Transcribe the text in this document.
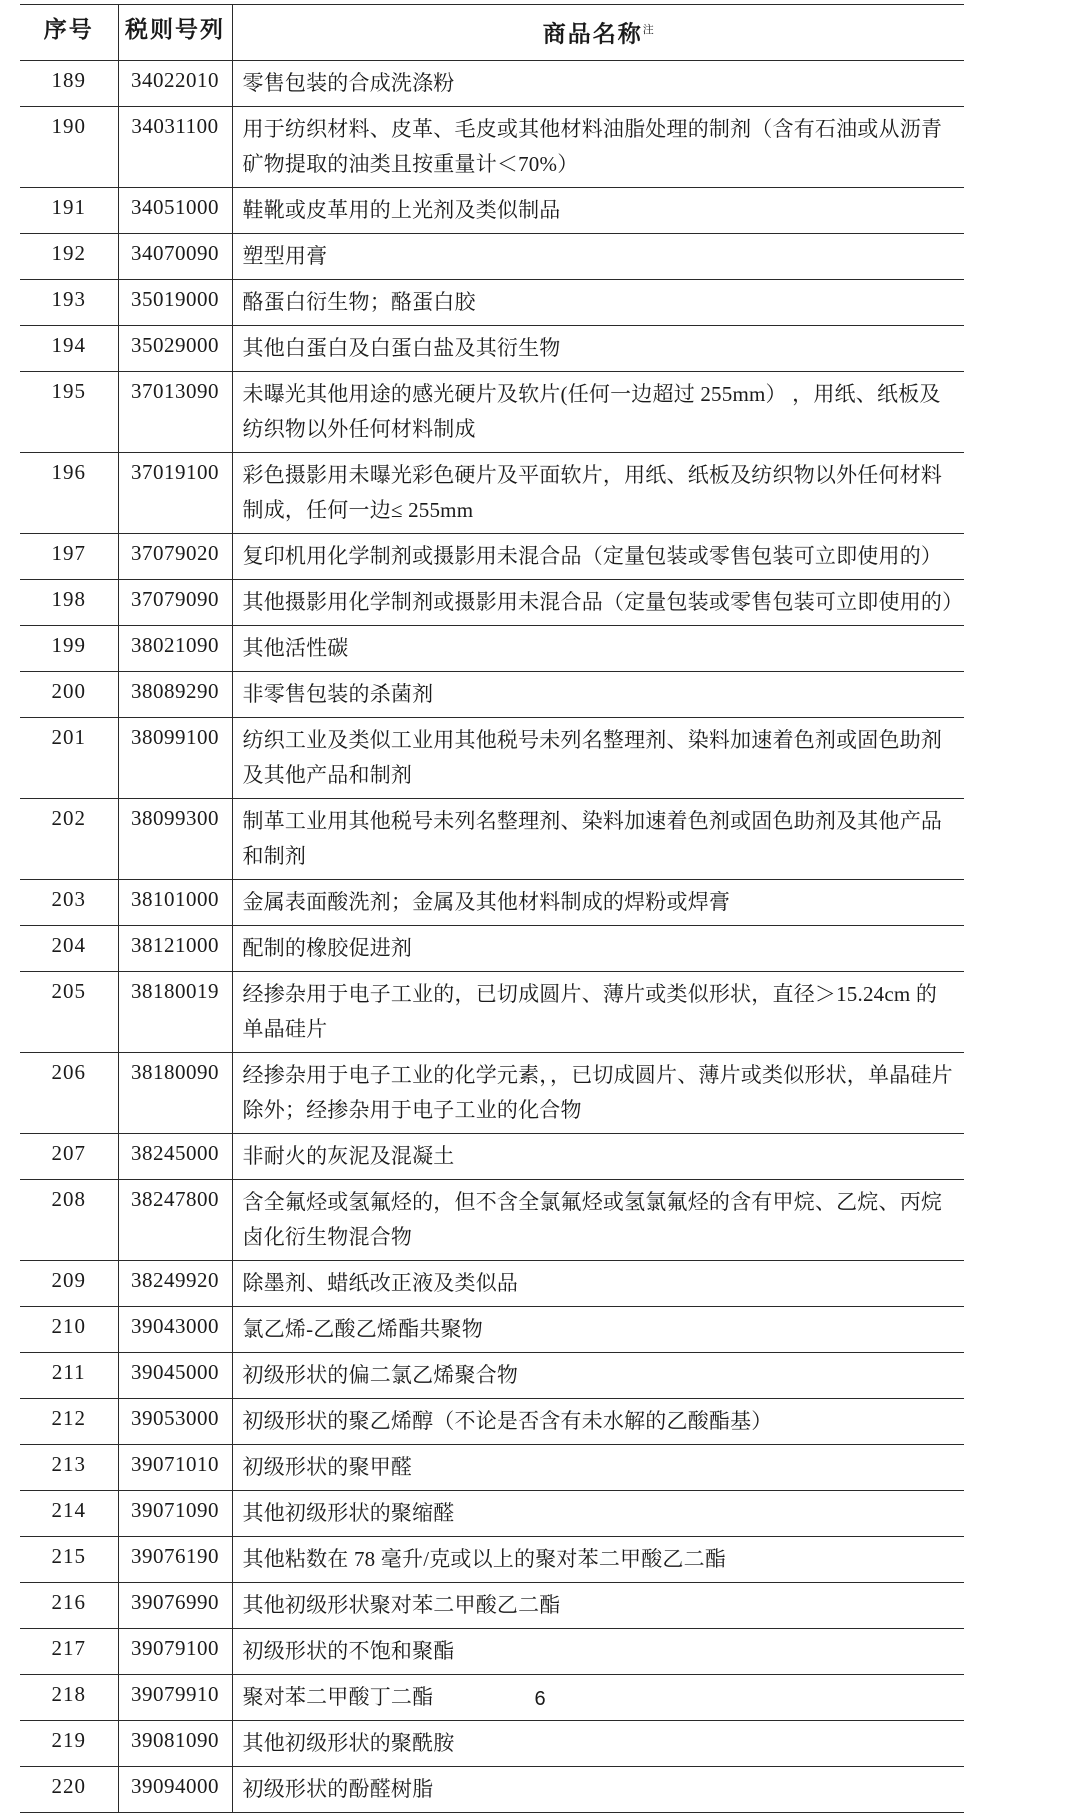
序号	税则号列	商品名称$^注$
189	34022010	零售包装的合成洗涤粉
190	34031100	用于纺织材料、皮革、毛皮或其他材料油脂处理的制剂（含有石油或从沥青矿物提取的油类且按重量计＜70%）
191	34051000	鞋靴或皮革用的上光剂及类似制品
192	34070090	塑型用膏
193	35019000	酪蛋白衍生物；酪蛋白胶
194	35029000	其他白蛋白及白蛋白盐及其衍生物
195	37013090	未曝光其他用途的感光硬片及软片(任何一边超过 255mm） ，用纸、纸板及纺织物以外任何材料制成
196	37019100	彩色摄影用未曝光彩色硬片及平面软片，用纸、纸板及纺织物以外任何材料制成，任何一边≤ 255mm
197	37079020	复印机用化学制剂或摄影用未混合品（定量包装或零售包装可立即使用的）
198	37079090	其他摄影用化学制剂或摄影用未混合品（定量包装或零售包装可立即使用的）
199	38021090	其他活性碳
200	38089290	非零售包装的杀菌剂
201	38099100	纺织工业及类似工业用其他税号未列名整理剂、染料加速着色剂或固色助剂及其他产品和制剂
202	38099300	制革工业用其他税号未列名整理剂、染料加速着色剂或固色助剂及其他产品和制剂
203	38101000	金属表面酸洗剂；金属及其他材料制成的焊粉或焊膏
204	38121000	配制的橡胶促进剂
205	38180019	经掺杂用于电子工业的，已切成圆片、薄片或类似形状，直径＞15.24cm 的单晶硅片
206	38180090	经掺杂用于电子工业的化学元素，，已切成圆片、薄片或类似形状，单晶硅片除外；经掺杂用于电子工业的化合物
207	38245000	非耐火的灰泥及混凝土
208	38247800	含全氟烃或氢氟烃的，但不含全氯氟烃或氢氯氟烃的含有甲烷、乙烷、丙烷卤化衍生物混合物
209	38249920	除墨剂、蜡纸改正液及类似品
210	39043000	氯乙烯-乙酸乙烯酯共聚物
211	39045000	初级形状的偏二氯乙烯聚合物
212	39053000	初级形状的聚乙烯醇（不论是否含有未水解的乙酸酯基）
213	39071010	初级形状的聚甲醛
214	39071090	其他初级形状的聚缩醛
215	39076190	其他粘数在 78 毫升/克或以上的聚对苯二甲酸乙二酯
216	39076990	其他初级形状聚对苯二甲酸乙二酯
217	39079100	初级形状的不饱和聚酯
218	39079910	聚对苯二甲酸丁二酯
219	39081090	其他初级形状的聚酰胺
220	39094000	初级形状的酚醛树脂
6
